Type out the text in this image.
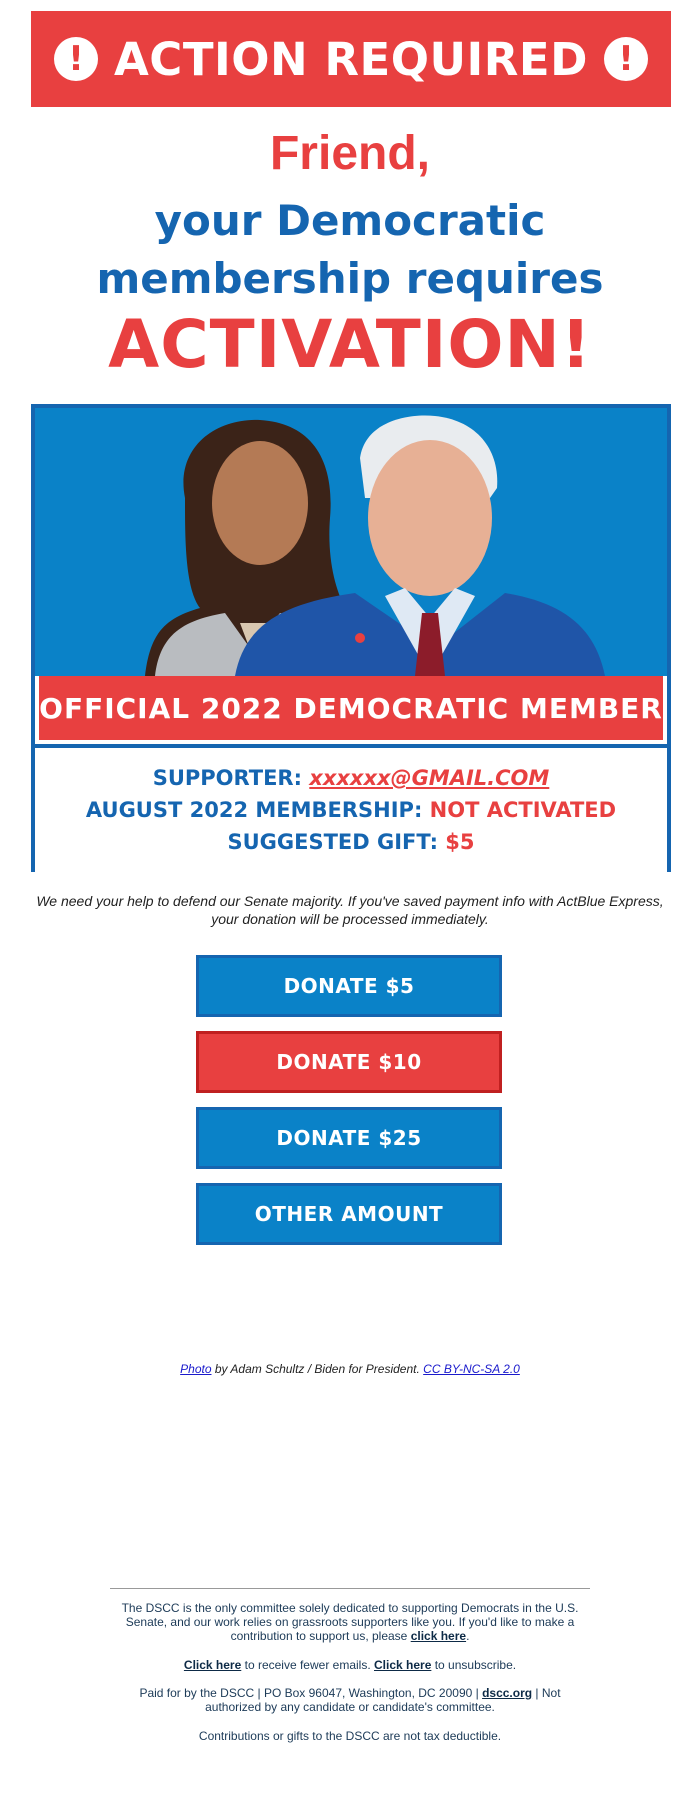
! ACTION REQUIRED !
Friend,
your Democratic
membership requires
ACTIVATION!
OFFICIAL 2022 DEMOCRATIC MEMBER
SUPPORTER: xxxxxx@GMAIL.COM
AUGUST 2022 MEMBERSHIP: NOT ACTIVATED
SUGGESTED GIFT: $5
We need your help to defend our Senate majority. If you've saved payment info with ActBlue Express, your donation will be processed immediately.
DONATE $5
DONATE $10
DONATE $25
OTHER AMOUNT
Photo by Adam Schultz / Biden for President. CC BY-NC-SA 2.0
The DSCC is the only committee solely dedicated to supporting Democrats in the U.S. Senate, and our work relies on grassroots supporters like you. If you'd like to make a contribution to support us, please click here.
Click here to receive fewer emails. Click here to unsubscribe.
Paid for by the DSCC | PO Box 96047, Washington, DC 20090 | dscc.org | Not authorized by any candidate or candidate's committee.
Contributions or gifts to the DSCC are not tax deductible.
